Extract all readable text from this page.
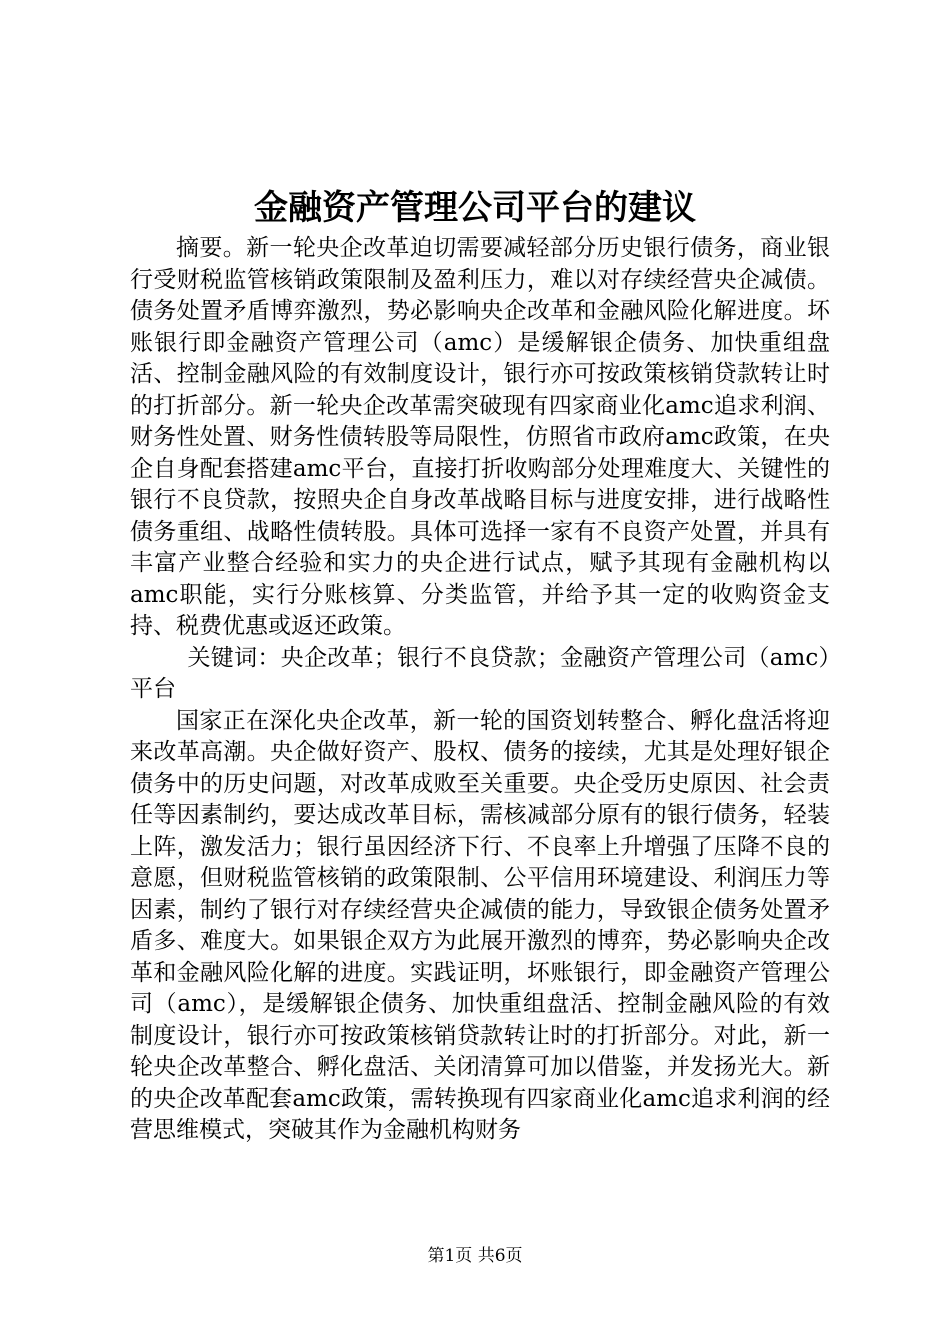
金融资产管理公司平台的建议

摘要。新一轮央企改革迫切需要减轻部分历史银行债务，商业银行受财税监管核销政策限制及盈利压力，难以对存续经营央企减债。债务处置矛盾博弈激烈，势必影响央企改革和金融风险化解进度。坏账银行即金融资产管理公司（amc）是缓解银企债务、加快重组盘活、控制金融风险的有效制度设计，银行亦可按政策核销贷款转让时的打折部分。新一轮央企改革需突破现有四家商业化amc追求利润、财务性处置、财务性债转股等局限性，仿照省市政府amc政策，在央企自身配套搭建amc平台，直接打折收购部分处理难度大、关键性的银行不良贷款，按照央企自身改革战略目标与进度安排，进行战略性债务重组、战略性债转股。具体可选择一家有不良资产处置，并具有丰富产业整合经验和实力的央企进行试点，赋予其现有金融机构以amc职能，实行分账核算、分类监管，并给予其一定的收购资金支持、税费优惠或返还政策。

关键词：央企改革；银行不良贷款；金融资产管理公司（amc）平台

国家正在深化央企改革，新一轮的国资划转整合、孵化盘活将迎来改革高潮。央企做好资产、股权、债务的接续，尤其是处理好银企债务中的历史问题，对改革成败至关重要。央企受历史原因、社会责任等因素制约，要达成改革目标，需核减部分原有的银行债务，轻装上阵，激发活力；银行虽因经济下行、不良率上升增强了压降不良的意愿，但财税监管核销的政策限制、公平信用环境建设、利润压力等因素，制约了银行对存续经营央企减债的能力，导致银企债务处置矛盾多、难度大。如果银企双方为此展开激烈的博弈，势必影响央企改革和金融风险化解的进度。实践证明，坏账银行，即金融资产管理公司（amc），是缓解银企债务、加快重组盘活、控制金融风险的有效制度设计，银行亦可按政策核销贷款转让时的打折部分。对此，新一轮央企改革整合、孵化盘活、关闭清算可加以借鉴，并发扬光大。新的央企改革配套amc政策，需转换现有四家商业化amc追求利润的经营思维模式，突破其作为金融机构财务

第1页 共6页
